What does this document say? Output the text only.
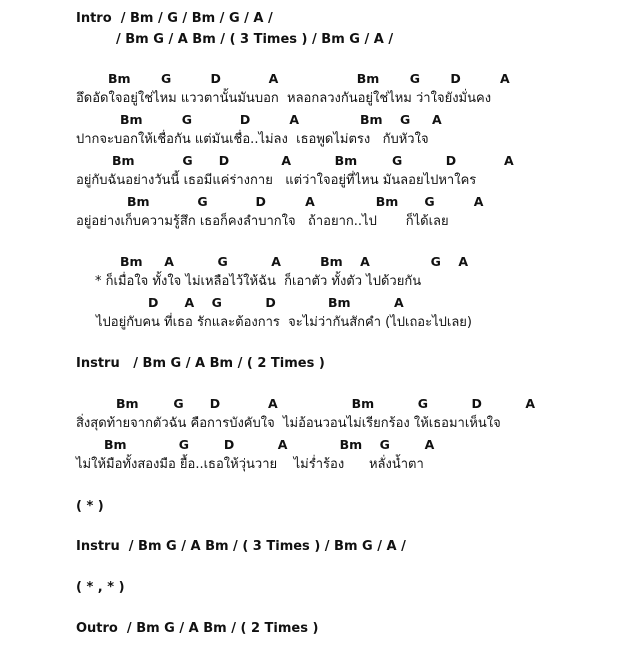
Intro  / Bm / G / Bm / G / A /
/ Bm G / A Bm / ( 3 Times ) / Bm G / A /
Bm       G         D           A                  Bm       G       D         A
อึดอัดใจอยู่ใช่ไหม แววตานั้นมันบอก  หลอกลวงกันอยู่ใช่ไหม ว่าใจยังมั่นคง
Bm         G           D         A              Bm    G     A
ปากจะบอกให้เชื่อกัน แต่มันเชื่อ..ไม่ลง  เธอพูดไม่ตรง   กับหัวใจ
Bm           G      D            A          Bm        G          D           A
อยู่กับฉันอย่างวันนี้ เธอมีแค่ร่างกาย   แต่ว่าใจอยู่ที่ไหน มันลอยไปหาใคร
Bm           G           D         A              Bm      G         A
อยู่อย่างเก็บความรู้สึก เธอก็คงลำบากใจ   ถ้าอยาก..ไป       ก็ได้เลย
Bm     A          G          A         Bm    A              G    A
* ก็เมื่อใจ ทั้งใจ ไม่เหลือไว้ให้ฉัน  ก็เอาตัว ทั้งตัว ไปด้วยกัน
D      A    G          D            Bm          A
ไปอยู่กับคน ที่เธอ รักและต้องการ  จะไม่ว่ากันสักคำ (ไปเถอะไปเลย)
Instru   / Bm G / A Bm / ( 2 Times )
Bm        G      D           A                 Bm          G          D          A
สิ่งสุดท้ายจากตัวฉัน คือการบังคับใจ  ไม่อ้อนวอนไม่เรียกร้อง ให้เธอมาเห็นใจ
Bm            G        D          A            Bm    G        A
ไม่ให้มือทั้งสองมือ ยื้อ..เธอให้วุ่นวาย    ไม่ร่ำร้อง      หลั่งน้ำตา
( * )
Instru  / Bm G / A Bm / ( 3 Times ) / Bm G / A /
( * , * )
Outro  / Bm G / A Bm / ( 2 Times )
